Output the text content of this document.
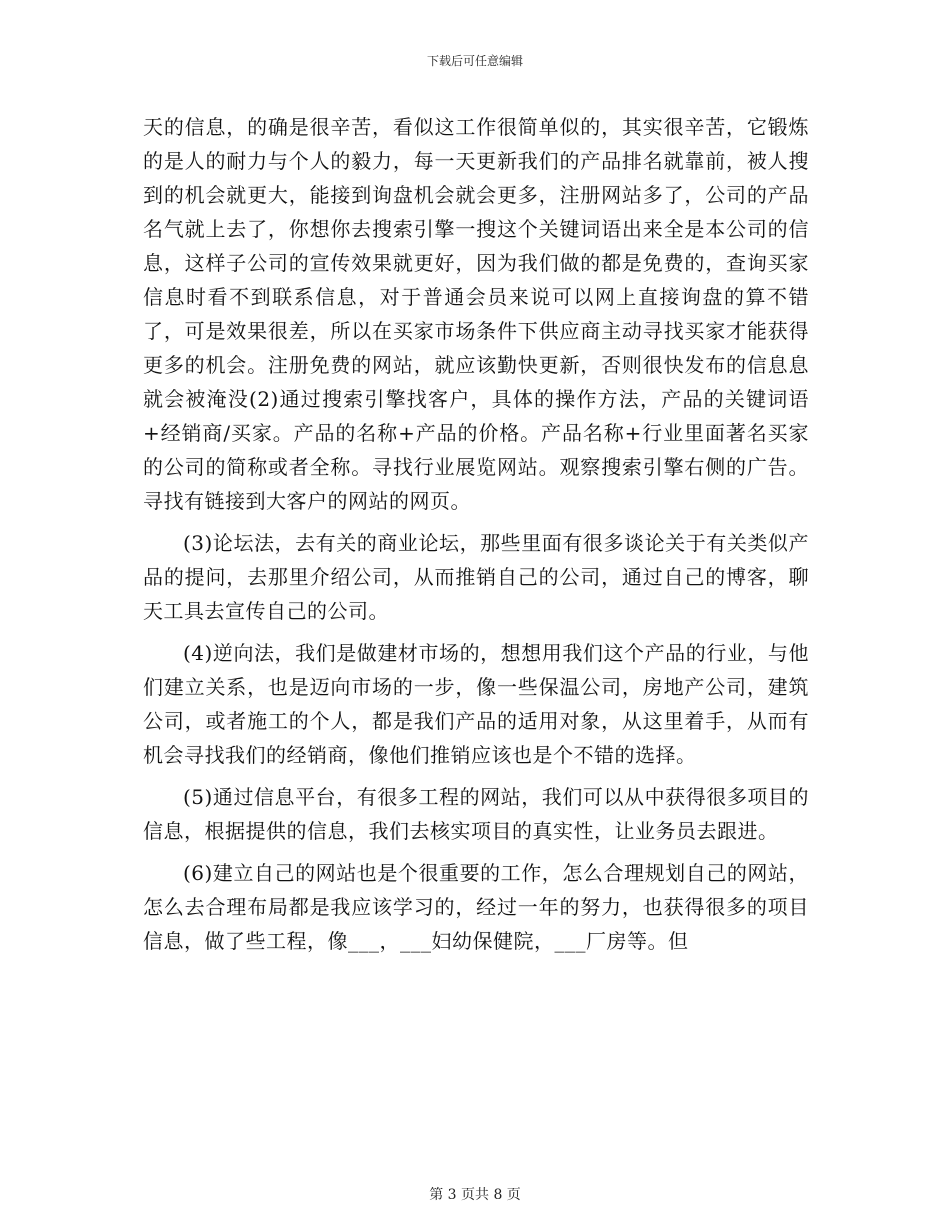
下载后可任意编辑

天的信息，的确是很辛苦，看似这工作很简单似的，其实很辛苦，它锻炼的是人的耐力与个人的毅力，每一天更新我们的产品排名就靠前，被人搜到的机会就更大，能接到询盘机会就会更多，注册网站多了，公司的产品名气就上去了，你想你去搜索引擎一搜这个关键词语出来全是本公司的信息，这样子公司的宣传效果就更好，因为我们做的都是免费的，查询买家信息时看不到联系信息，对于普通会员来说可以网上直接询盘的算不错了，可是效果很差，所以在买家市场条件下供应商主动寻找买家才能获得更多的机会。注册免费的网站，就应该勤快更新，否则很快发布的信息息就会被淹没(2)通过搜索引擎找客户，具体的操作方法，产品的关键词语+经销商/买家。产品的名称+产品的价格。产品名称+行业里面著名买家的公司的简称或者全称。寻找行业展览网站。观察搜索引擎右侧的广告。寻找有链接到大客户的网站的网页。

(3)论坛法，去有关的商业论坛，那些里面有很多谈论关于有关类似产品的提问，去那里介绍公司，从而推销自己的公司，通过自己的博客，聊天工具去宣传自己的公司。

(4)逆向法，我们是做建材市场的，想想用我们这个产品的行业，与他们建立关系，也是迈向市场的一步，像一些保温公司，房地产公司，建筑公司，或者施工的个人，都是我们产品的适用对象，从这里着手，从而有机会寻找我们的经销商，像他们推销应该也是个不错的选择。

(5)通过信息平台，有很多工程的网站，我们可以从中获得很多项目的信息，根据提供的信息，我们去核实项目的真实性，让业务员去跟进。

(6)建立自己的网站也是个很重要的工作，怎么合理规划自己的网站，怎么去合理布局都是我应该学习的，经过一年的努力，也获得很多的项目信息，做了些工程，像___，___妇幼保健院，___厂房等。但

第 3 页共 8 页
